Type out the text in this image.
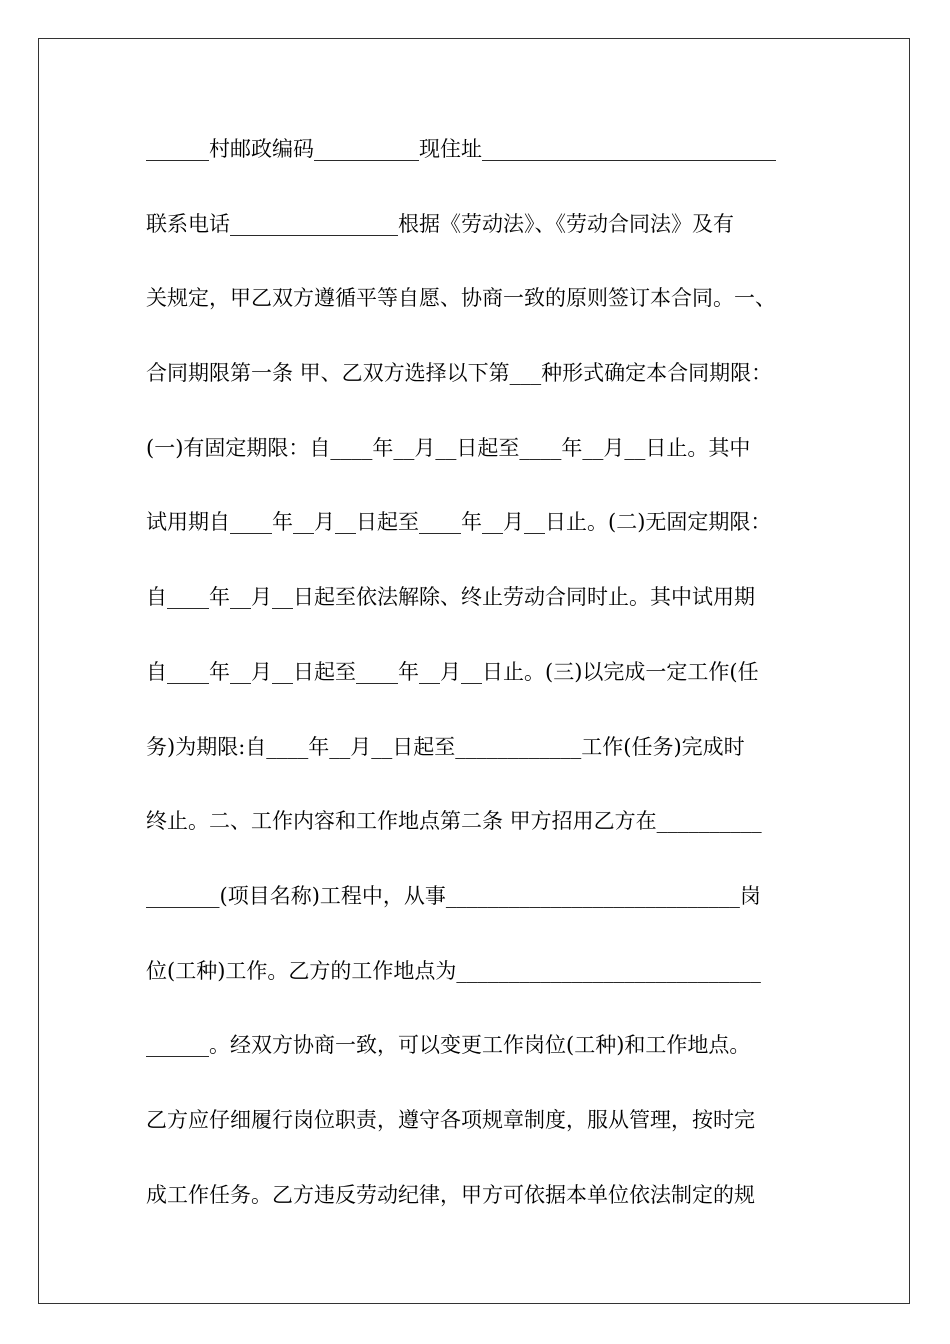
______村邮政编码__________现住址____________________________
联系电话________________根据《劳动法》、《劳动合同法》及有
关规定，甲乙双方遵循平等自愿、协商一致的原则签订本合同。一、
合同期限第一条 甲、乙双方选择以下第___种形式确定本合同期限：
(一)有固定期限：自____年__月__日起至____年__月__日止。其中
试用期自____年__月__日起至____年__月__日止。(二)无固定期限：
自____年__月__日起至依法解除、终止劳动合同时止。其中试用期
自____年__月__日起至____年__月__日止。(三)以完成一定工作(任
务)为期限:自____年__月__日起至____________工作(任务)完成时
终止。二、工作内容和工作地点第二条 甲方招用乙方在__________
_______(项目名称)工程中，从事____________________________岗
位(工种)工作。乙方的工作地点为_____________________________
______。经双方协商一致，可以变更工作岗位(工种)和工作地点。
乙方应仔细履行岗位职责，遵守各项规章制度，服从管理，按时完
成工作任务。乙方违反劳动纪律，甲方可依据本单位依法制定的规
